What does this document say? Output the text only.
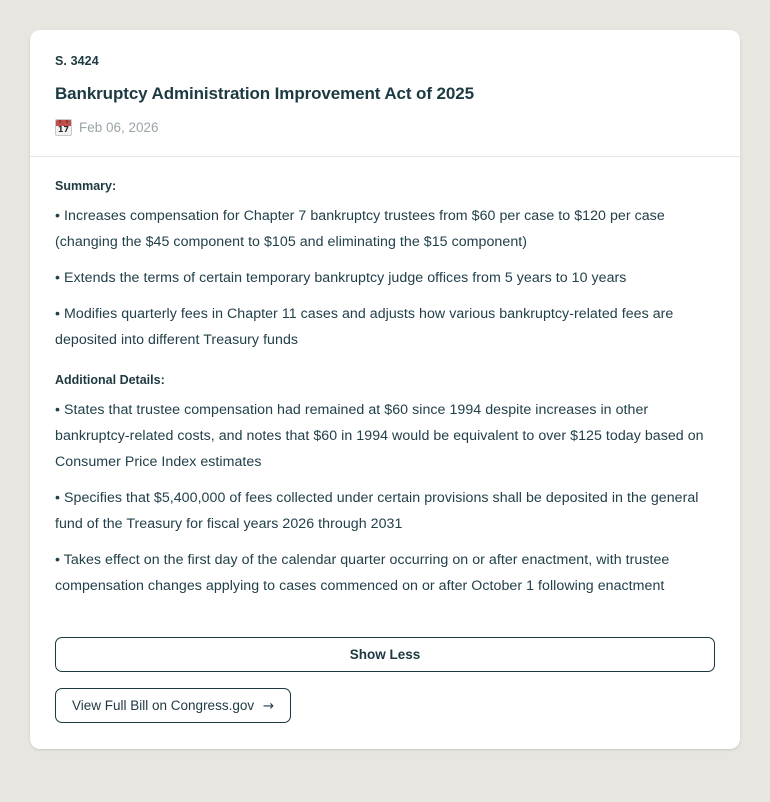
S. 3424
Bankruptcy Administration Improvement Act of 2025
17 Feb 06, 2026
Summary:

• Increases compensation for Chapter 7 bankruptcy trustees from $60 per case to $120 per case (changing the $45 component to $105 and eliminating the $15 component)

• Extends the terms of certain temporary bankruptcy judge offices from 5 years to 10 years

• Modifies quarterly fees in Chapter 11 cases and adjusts how various bankruptcy-related fees are deposited into different Treasury funds

Additional Details:

• States that trustee compensation had remained at $60 since 1994 despite increases in other bankruptcy-related costs, and notes that $60 in 1994 would be equivalent to over $125 today based on Consumer Price Index estimates

• Specifies that $5,400,000 of fees collected under certain provisions shall be deposited in the general fund of the Treasury for fiscal years 2026 through 2031

• Takes effect on the first day of the calendar quarter occurring on or after enactment, with trustee compensation changes applying to cases commenced on or after October 1 following enactment

Show Less
View Full Bill on Congress.gov →
